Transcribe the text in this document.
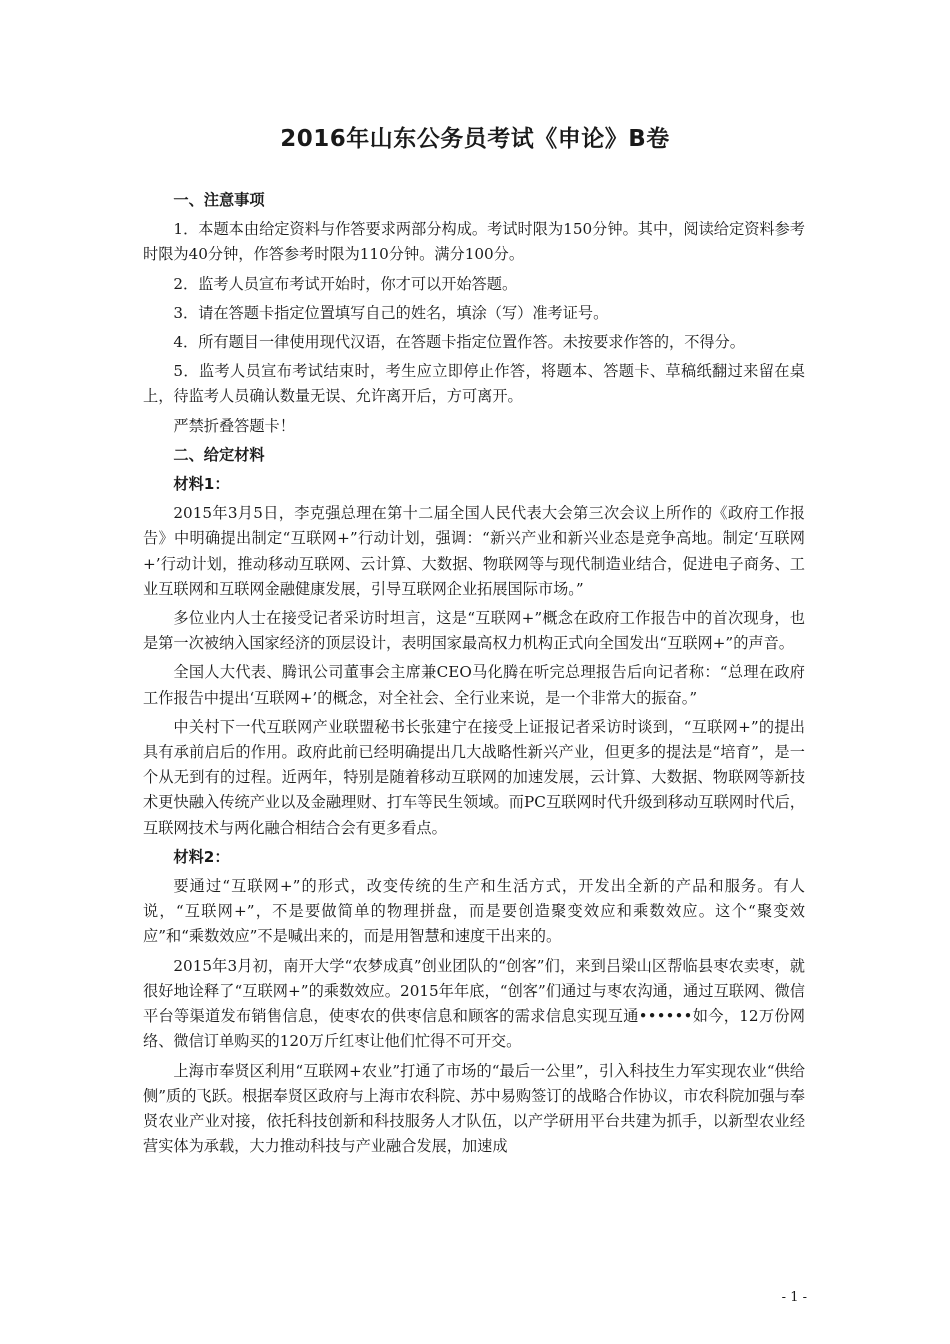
2016年山东公务员考试《申论》B卷

一、注意事项

1．本题本由给定资料与作答要求两部分构成。考试时限为150分钟。其中，阅读给定资料参考时限为40分钟，作答参考时限为110分钟。满分100分。

2．监考人员宣布考试开始时，你才可以开始答题。

3．请在答题卡指定位置填写自己的姓名，填涂（写）准考证号。

4．所有题目一律使用现代汉语，在答题卡指定位置作答。未按要求作答的，不得分。

5．监考人员宣布考试结束时，考生应立即停止作答，将题本、答题卡、草稿纸翻过来留在桌上，待监考人员确认数量无误、允许离开后，方可离开。

严禁折叠答题卡！

二、给定材料

材料1：

2015年3月5日，李克强总理在第十二届全国人民代表大会第三次会议上所作的《政府工作报告》中明确提出制定“互联网+”行动计划，强调：“新兴产业和新兴业态是竞争高地。制定‘互联网+’行动计划，推动移动互联网、云计算、大数据、物联网等与现代制造业结合，促进电子商务、工业互联网和互联网金融健康发展，引导互联网企业拓展国际市场。”

多位业内人士在接受记者采访时坦言，这是“互联网+”概念在政府工作报告中的首次现身，也是第一次被纳入国家经济的顶层设计，表明国家最高权力机构正式向全国发出“互联网+”的声音。

全国人大代表、腾讯公司董事会主席兼CEO马化腾在听完总理报告后向记者称：“总理在政府工作报告中提出‘互联网+’的概念，对全社会、全行业来说，是一个非常大的振奋。”

中关村下一代互联网产业联盟秘书长张建宁在接受上证报记者采访时谈到，“互联网+”的提出具有承前启后的作用。政府此前已经明确提出几大战略性新兴产业，但更多的提法是“培育”，是一个从无到有的过程。近两年，特别是随着移动互联网的加速发展，云计算、大数据、物联网等新技术更快融入传统产业以及金融理财、打车等民生领域。而PC互联网时代升级到移动互联网时代后，互联网技术与两化融合相结合会有更多看点。

材料2：

要通过“互联网+”的形式，改变传统的生产和生活方式，开发出全新的产品和服务。有人说，“互联网+”，不是要做简单的物理拼盘，而是要创造聚变效应和乘数效应。这个“聚变效应”和“乘数效应”不是喊出来的，而是用智慧和速度干出来的。

2015年3月初，南开大学“农梦成真”创业团队的“创客”们，来到吕梁山区帮临县枣农卖枣，就很好地诠释了“互联网+”的乘数效应。2015年年底，“创客”们通过与枣农沟通，通过互联网、微信平台等渠道发布销售信息，使枣农的供枣信息和顾客的需求信息实现互通••••••如今，12万份网络、微信订单购买的120万斤红枣让他们忙得不可开交。

上海市奉贤区利用“互联网+农业”打通了市场的“最后一公里”，引入科技生力军实现农业“供给侧”质的飞跃。根据奉贤区政府与上海市农科院、苏中易购签订的战略合作协议，市农科院加强与奉贤农业产业对接，依托科技创新和科技服务人才队伍，以产学研用平台共建为抓手，以新型农业经营实体为承载，大力推动科技与产业融合发展，加速成

- 1 -
